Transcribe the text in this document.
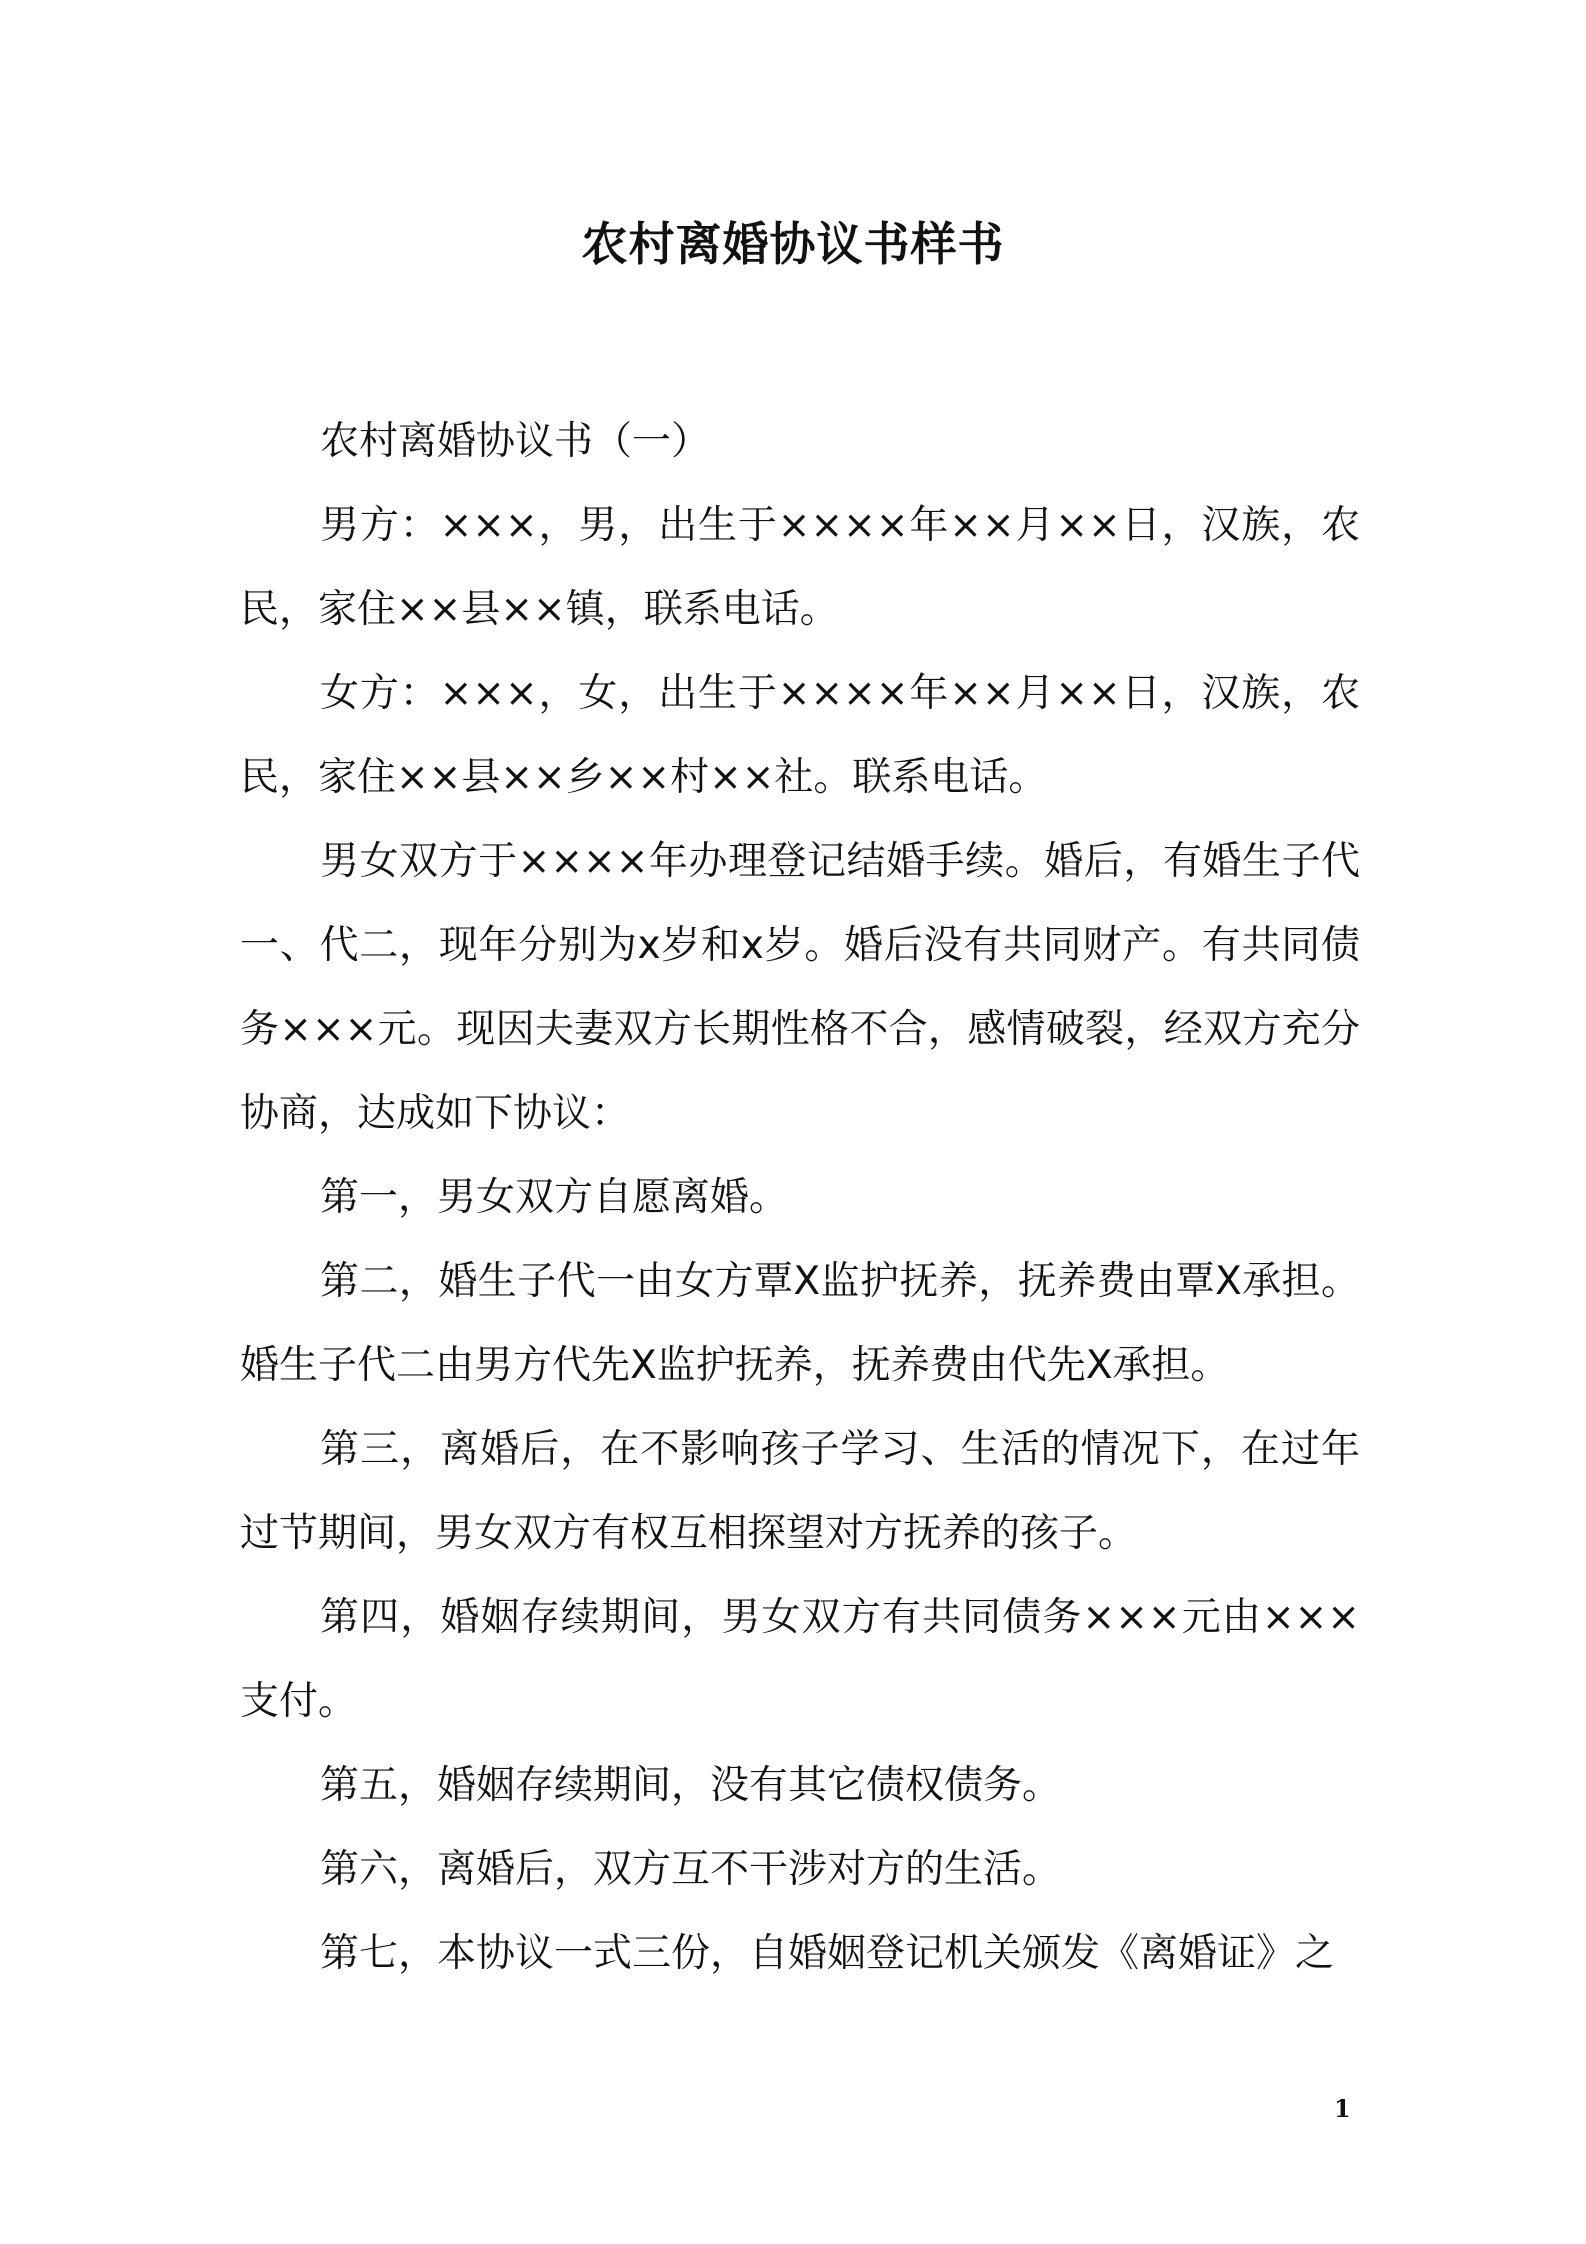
农村离婚协议书样书

农村离婚协议书（一）

男方：×××，男，出生于××××年××月××日，汉族，农民，家住××县××镇，联系电话。

女方：×××，女，出生于××××年××月××日，汉族，农民，家住××县××乡××村××社。联系电话。

男女双方于××××年办理登记结婚手续。婚后，有婚生子代一、代二，现年分别为x岁和x岁。婚后没有共同财产。有共同债务×××元。现因夫妻双方长期性格不合，感情破裂，经双方充分协商，达成如下协议：

第一，男女双方自愿离婚。

第二，婚生子代一由女方覃X监护抚养，抚养费由覃X承担。婚生子代二由男方代先X监护抚养，抚养费由代先X承担。

第三，离婚后，在不影响孩子学习、生活的情况下，在过年过节期间，男女双方有权互相探望对方抚养的孩子。

第四，婚姻存续期间，男女双方有共同债务×××元由×××支付。

第五，婚姻存续期间，没有其它债权债务。

第六，离婚后，双方互不干涉对方的生活。

第七，本协议一式三份，自婚姻登记机关颁发《离婚证》之

1
